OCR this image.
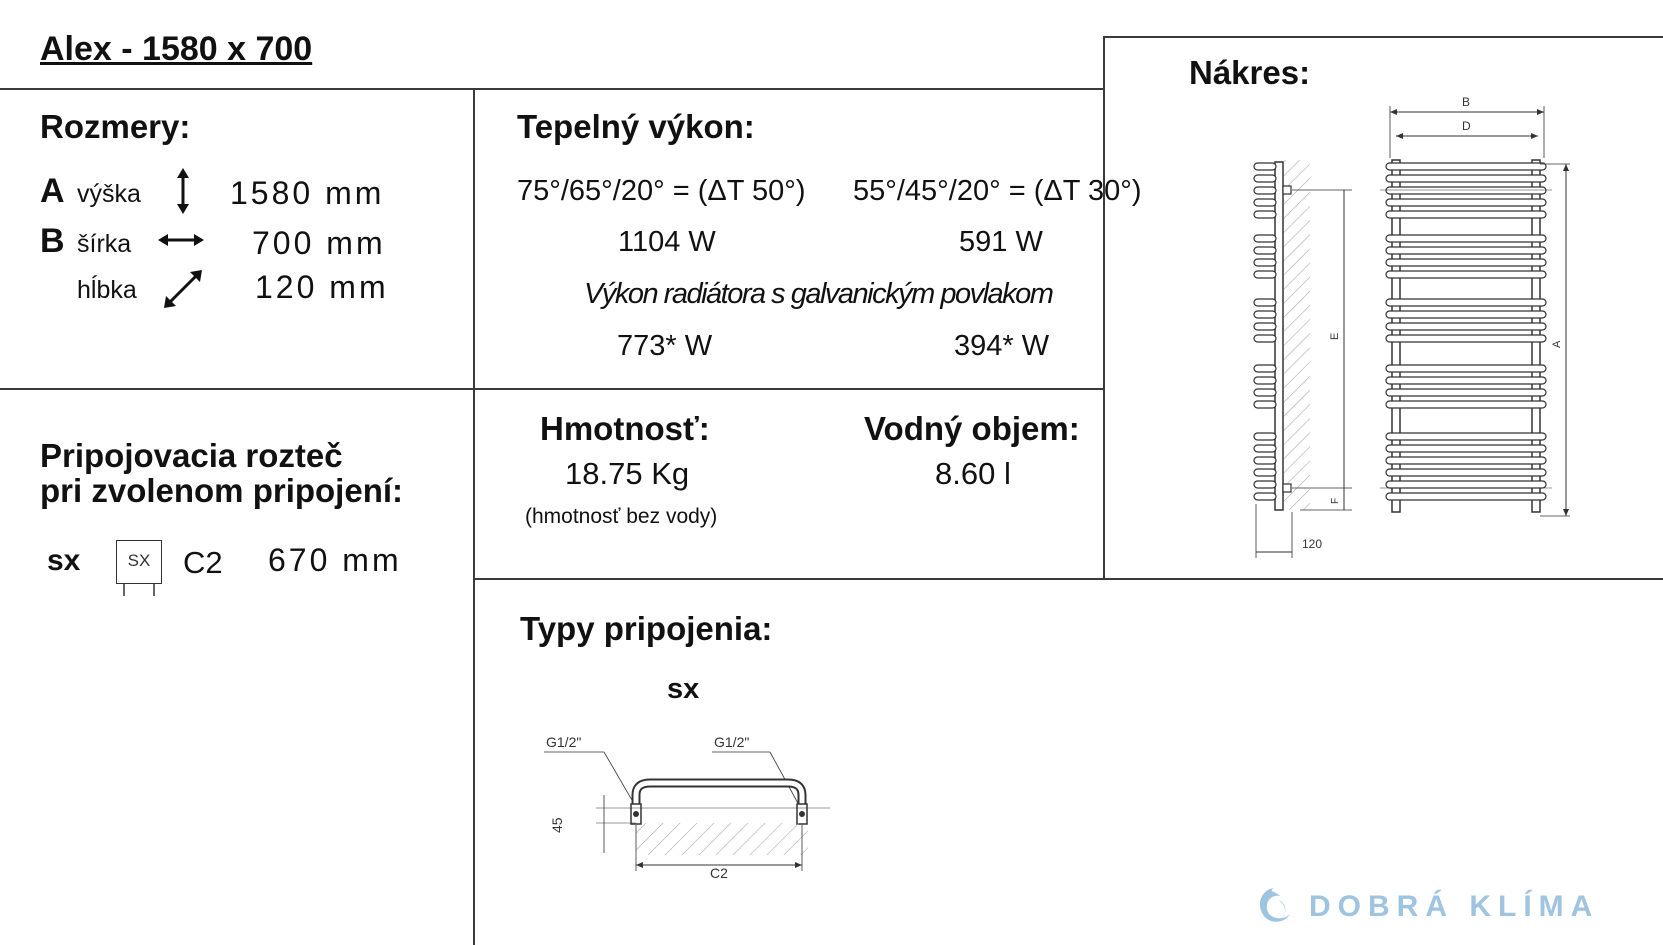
Alex - 1580 x 700
Rozmery:
A výška	1580 mm
B šírka	700 mm
hĺbka	120 mm
Tepelný výkon:
75°/65°/20° = (ΔT 50°) 55°/45°/20° = (ΔT 30°)
1104 W	591 W
Výkon radiátora s galvanickým povlakom
773* W	394* W
Hmotnosť:
18.75 Kg
(hmotnosť bez vody)
Vodný objem:
8.60 l
Pripojovacia rozteč
pri zvolenom pripojení:
sx	SX	C2 670 mm
Nákres:
E
F
120
B
D
A
Typy pripojenia:
sx
G1/2"	G1/2"
45
C2
DOBRÁ KLÍMA
